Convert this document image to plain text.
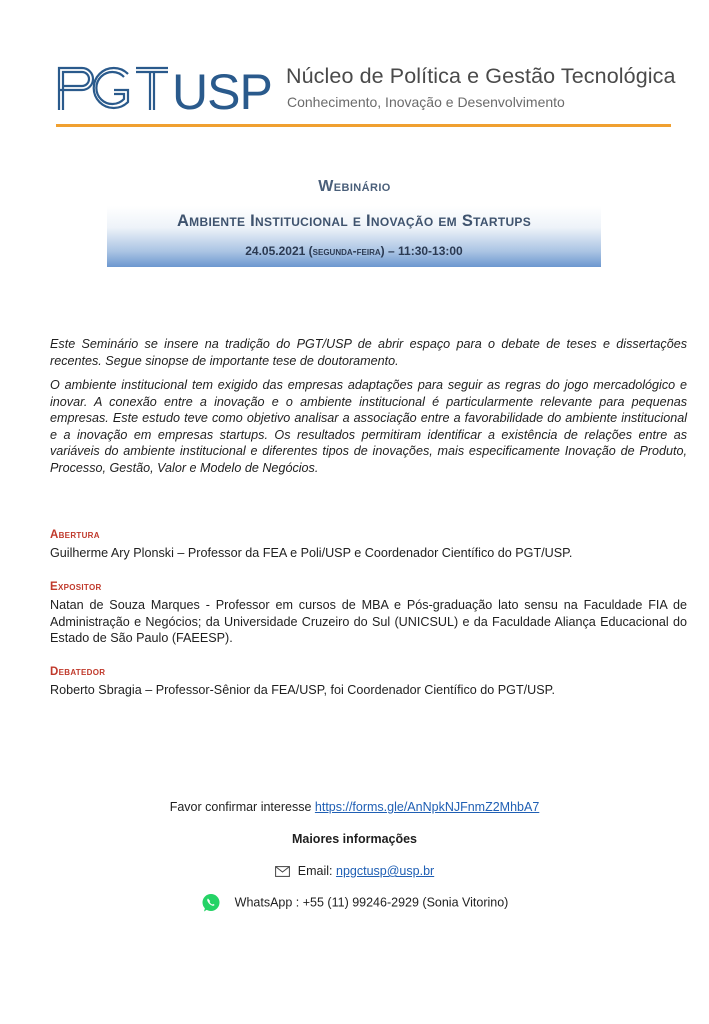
USP Núcleo de Política e Gestão Tecnológica
Conhecimento, Inovação e Desenvolvimento
Webinário
Ambiente Institucional e Inovação em Startups
24.05.2021 (segunda-feira) – 11:30-13:00
Este Seminário se insere na tradição do PGT/USP de abrir espaço para o debate de teses e dissertações recentes. Segue sinopse de importante tese de doutoramento.
O ambiente institucional tem exigido das empresas adaptações para seguir as regras do jogo mercadológico e inovar. A conexão entre a inovação e o ambiente institucional é particularmente relevante para pequenas empresas. Este estudo teve como objetivo analisar a associação entre a favorabilidade do ambiente institucional e a inovação em empresas startups. Os resultados permitiram identificar a existência de relações entre as variáveis do ambiente institucional e diferentes tipos de inovações, mais especificamente Inovação de Produto, Processo, Gestão, Valor e Modelo de Negócios.
Abertura
Guilherme Ary Plonski – Professor da FEA e Poli/USP e Coordenador Científico do PGT/USP.
Expositor
Natan de Souza Marques - Professor em cursos de MBA e Pós-graduação lato sensu na Faculdade FIA de Administração e Negócios; da Universidade Cruzeiro do Sul (UNICSUL) e da Faculdade Aliança Educacional do Estado de São Paulo (FAEESP).
Debatedor
Roberto Sbragia – Professor-Sênior da FEA/USP, foi Coordenador Científico do PGT/USP.
Favor confirmar interesse https://forms.gle/AnNpkNJFnmZ2MhbA7
Maiores informações
Email: npgctusp@usp.br
WhatsApp : +55 (11) 99246-2929 (Sonia Vitorino)
